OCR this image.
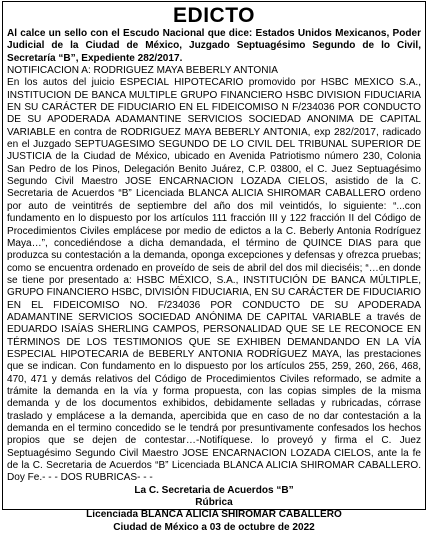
EDICTO

Al calce un sello con el Escudo Nacional que dice: Estados Unidos Mexicanos, Poder Judicial de la Ciudad de México, Juzgado Septuagésimo Segundo de lo Civil, Secretaría “B”, Expediente 282/2017.

NOTIFICACION A: RODRIGUEZ MAYA BEBERLY ANTONIA

En los autos del juicio ESPECIAL HIPOTECARIO promovido por HSBC MEXICO S.A., INSTITUCION DE BANCA MULTIPLE GRUPO FINANCIERO HSBC DIVISION FIDUCIARIA EN SU CARÁCTER DE FIDUCIARIO EN EL FIDEICOMISO N F/234036 POR CONDUCTO DE SU APODERADA ADAMANTINE SERVICIOS SOCIEDAD ANONIMA DE CAPITAL VARIABLE en contra de RODRIGUEZ MAYA BEBERLY ANTONIA, exp 282/2017, radicado en el Juzgado SEPTUAGESIMO SEGUNDO DE LO CIVIL DEL TRIBUNAL SUPERIOR DE JUSTICIA de la Ciudad de México, ubicado en Avenida Patriotismo número 230, Colonia San Pedro de los Pinos, Delegación Benito Juárez, C.P. 03800, el C. Juez Septuagésimo Segundo Civil Maestro JOSE ENCARNACION LOZADA CIELOS, asistido de la C. Secretaria de Acuerdos “B” Licenciada BLANCA ALICIA SHIROMAR CABALLERO ordeno por auto de veintitrés de septiembre del año dos mil veintidós, lo siguiente: “...con fundamento en lo dispuesto por los artículos 111 fracción III y 122 fracción II del Código de Procedimientos Civiles emplácese por medio de edictos a la C. Beberly Antonia Rodríguez Maya…”, concediéndose a dicha demandada, el término de QUINCE DIAS para que produzca su contestación a la demanda, oponga excepciones y defensas y ofrezca pruebas; como se encuentra ordenado en proveído de seis de abril del dos mil dieciséis; “…en donde se tiene por presentado a: HSBC MÉXICO, S.A., INSTITUCIÓN DE BANCA MÚLTIPLE, GRUPO FINANCIERO HSBC, DIVISIÓN FIDUCIARIA, EN SU CARÁCTER DE FIDUCIARIO EN EL FIDEICOMISO NO. F/234036 POR CONDUCTO DE SU APODERADA ADAMANTINE SERVICIOS SOCIEDAD ANÓNIMA DE CAPITAL VARIABLE a través de EDUARDO ISAÍAS SHERLING CAMPOS, PERSONALIDAD QUE SE LE RECONOCE EN TÉRMINOS DE LOS TESTIMONIOS QUE SE EXHIBEN DEMANDANDO EN LA VÍA ESPECIAL HIPOTECARIA de BEBERLY ANTONIA RODRÍGUEZ MAYA, las prestaciones que se indican. Con fundamento en lo dispuesto por los artículos 255, 259, 260, 266, 468, 470, 471 y demás relativos del Código de Procedimientos Civiles reformado, se admite a trámite la demanda en la vía y forma propuesta, con las copias simples de la misma demanda y de los documentos exhibidos, debidamente selladas y rubricadas, córrase traslado y emplácese a la demanda, apercibida que en caso de no dar contestación a la demanda en el termino concedido se le tendrá por presuntivamente confesados los hechos propios que se dejen de contestar…-Notifíquese. lo proveyó y firma el C. Juez Septuagésimo Segundo Civil Maestro JOSE ENCARNACION LOZADA CIELOS, ante la fe de la C. Secretaria de Acuerdos “B” Licenciada BLANCA ALICIA SHIROMAR CABALLERO. Doy Fe.- - - DOS RUBRICAS- - -

La C. Secretaria de Acuerdos “B”

Rúbrica

Licenciada BLANCA ALICIA SHIROMAR CABALLERO

Ciudad de México a 03 de octubre de 2022
